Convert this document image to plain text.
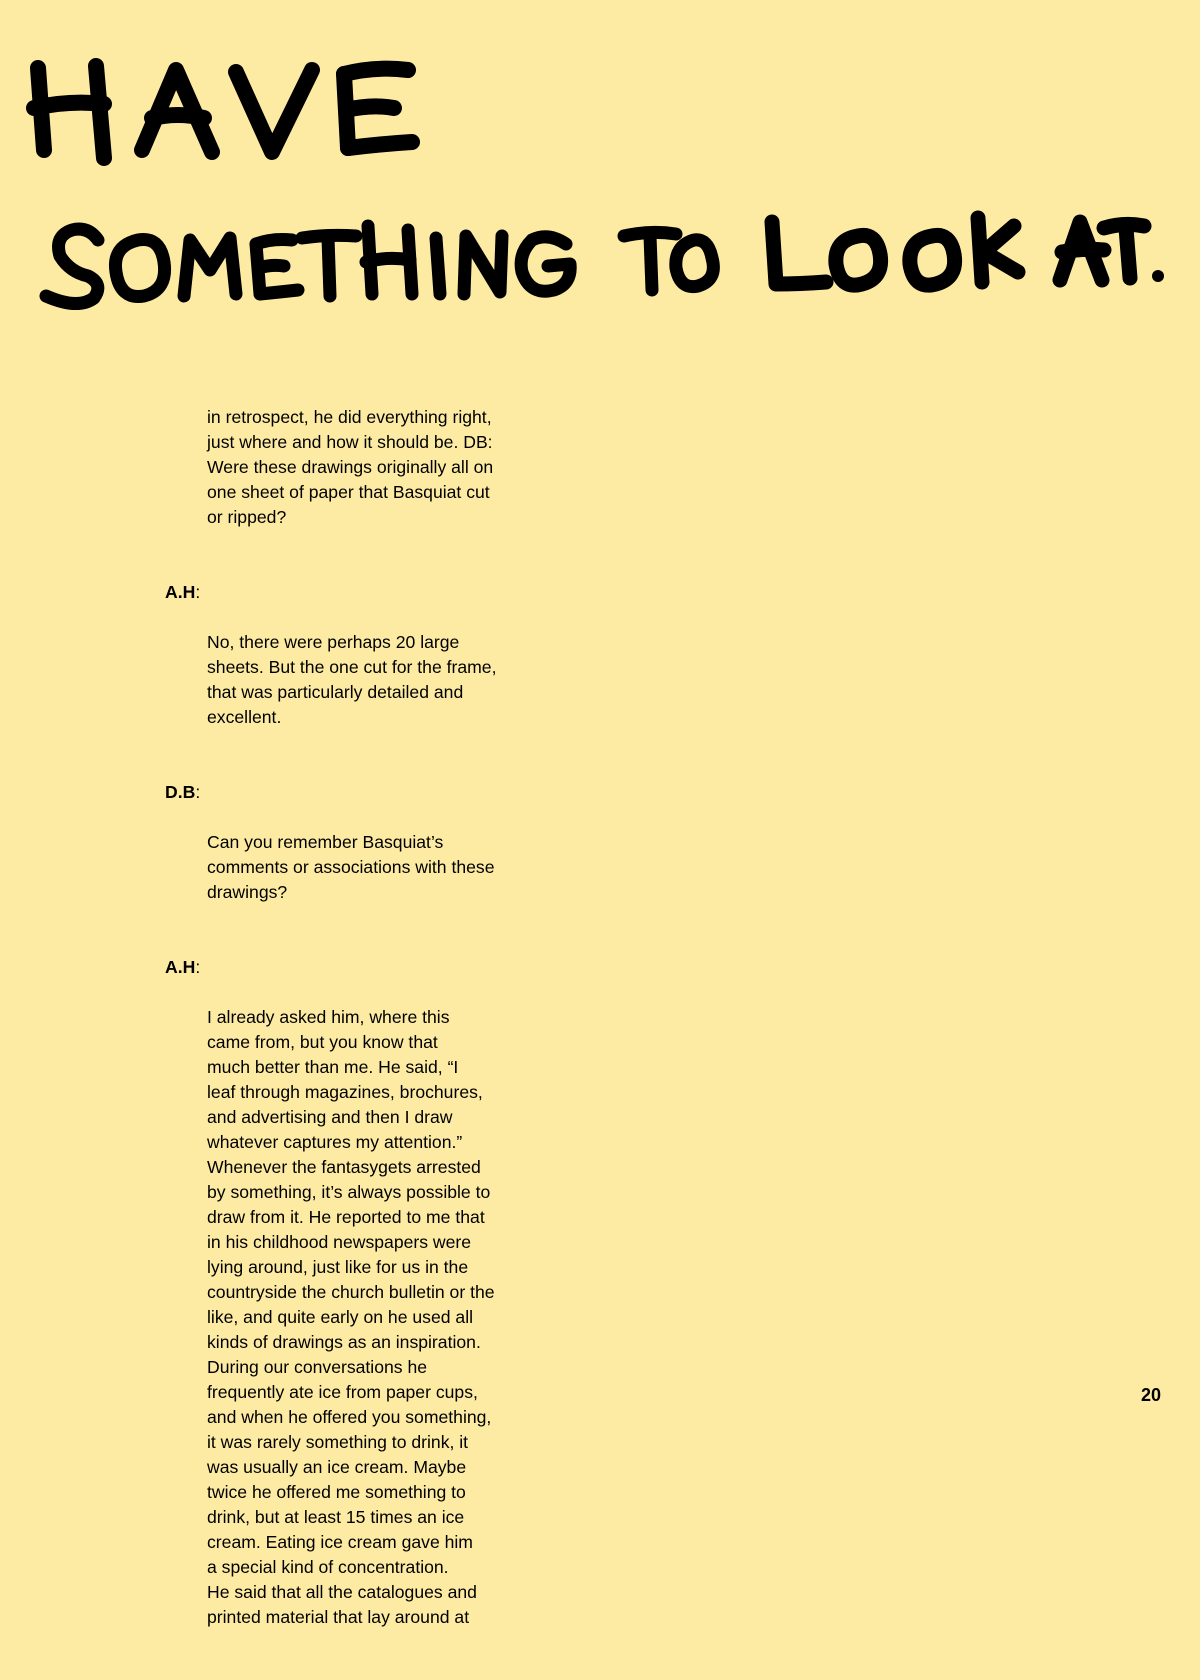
in retrospect, he did everything right,
just where and how it should be. DB:
Were these drawings originally all on
one sheet of paper that Basquiat cut
or ripped?

A.H:

No, there were perhaps 20 large
sheets. But the one cut for the frame,
that was particularly detailed and
excellent.

D.B:

Can you remember Basquiat’s
comments or associations with these
drawings?

A.H:

I already asked him, where this
came from, but you know that
much better than me. He said, “I
leaf through magazines, brochures,
and advertising and then I draw
whatever captures my attention.”
Whenever the fantasygets arrested
by something, it’s always possible to
draw from it. He reported to me that
in his childhood newspapers were
lying around, just like for us in the
countryside the church bulletin or the
like, and quite early on he used all
kinds of drawings as an inspiration.
During our conversations he
frequently ate ice from paper cups,
and when he offered you something,
it was rarely something to drink, it
was usually an ice cream. Maybe
twice he offered me something to
drink, but at least 15 times an ice
cream. Eating ice cream gave him
a special kind of concentration.
He said that all the catalogues and
printed material that lay around at

20
